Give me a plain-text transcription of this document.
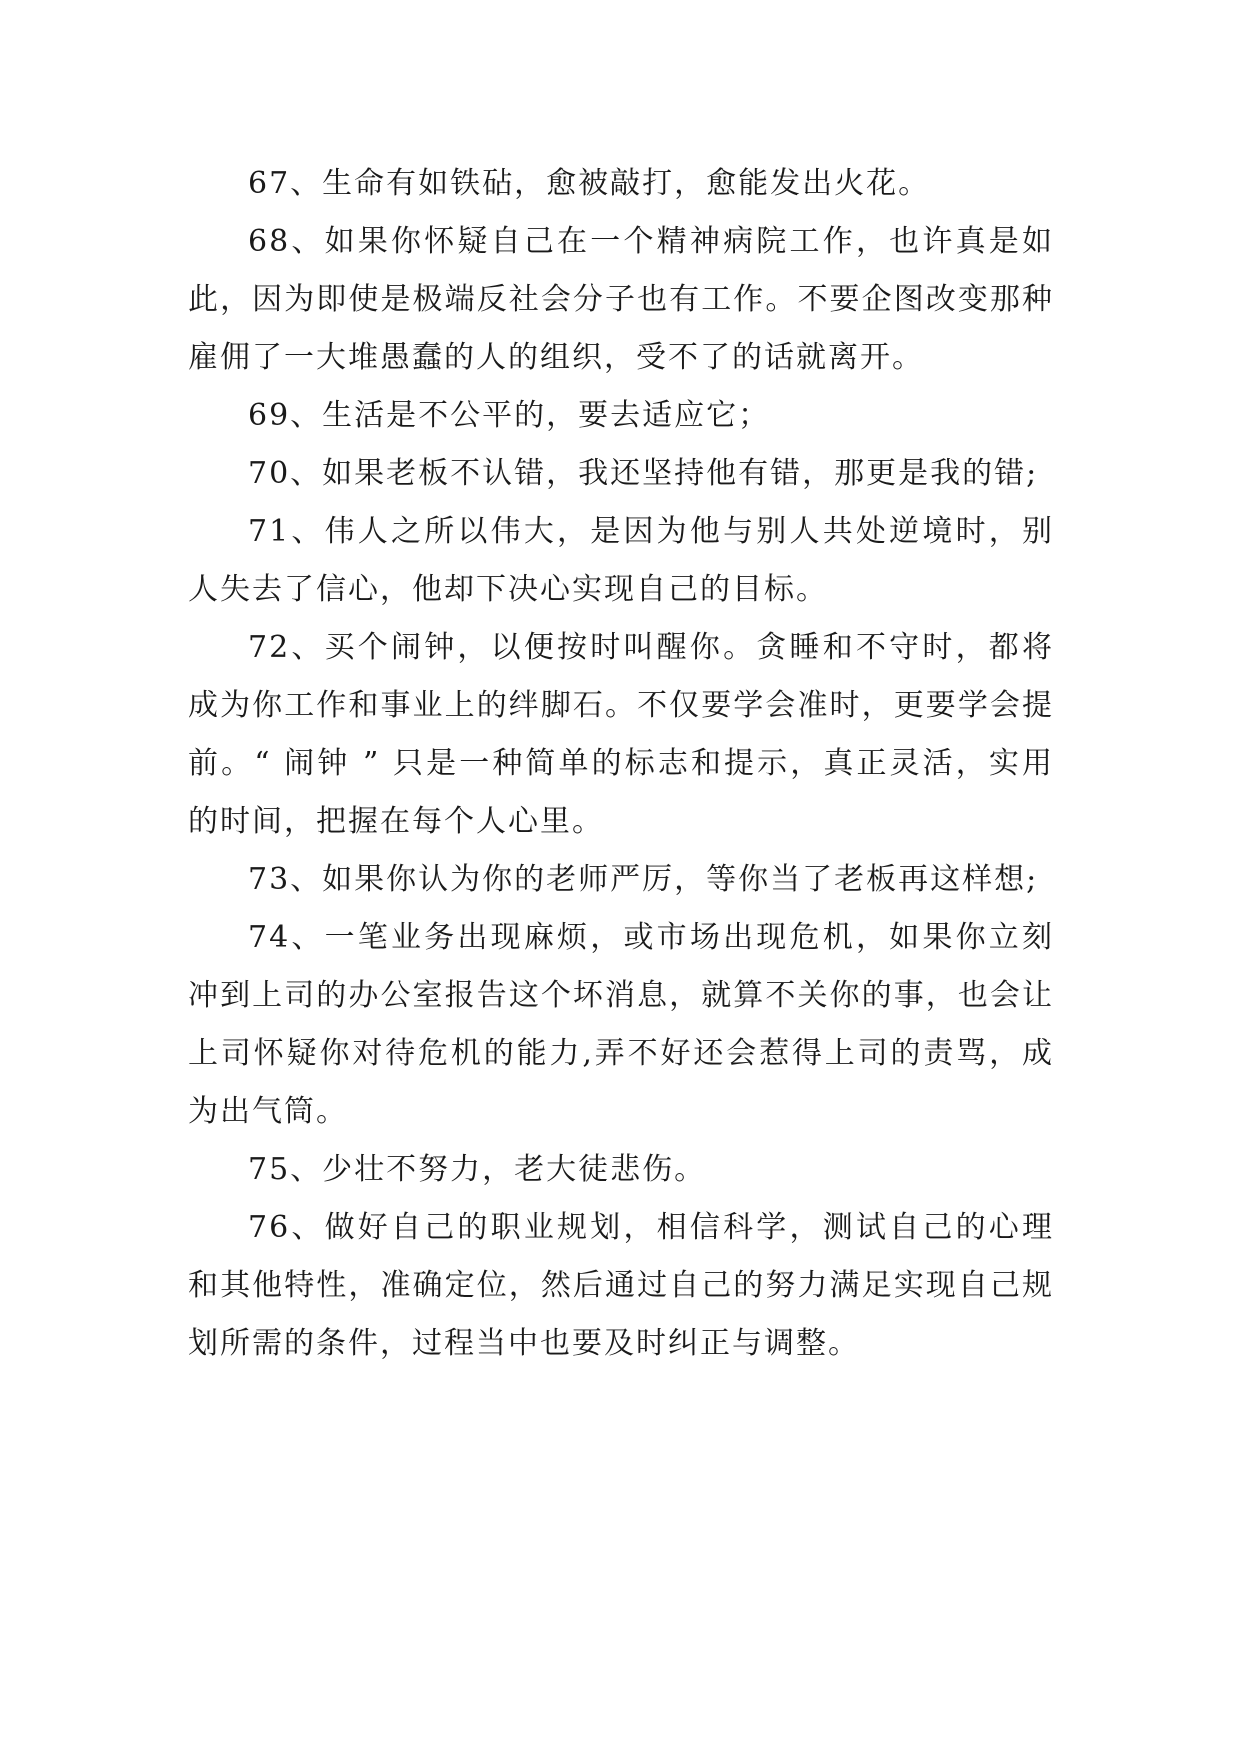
67、生命有如铁砧，愈被敲打，愈能发出火花。

68、如果你怀疑自己在一个精神病院工作，也许真是如此，因为即使是极端反社会分子也有工作。不要企图改变那种雇佣了一大堆愚蠢的人的组织，受不了的话就离开。

69、生活是不公平的，要去适应它；

70、如果老板不认错，我还坚持他有错，那更是我的错;

71、伟人之所以伟大，是因为他与别人共处逆境时，别人失去了信心，他却下决心实现自己的目标。

72、买个闹钟，以便按时叫醒你。贪睡和不守时，都将成为你工作和事业上的绊脚石。不仅要学会准时，更要学会提前。“ 闹钟 ” 只是一种简单的标志和提示，真正灵活，实用的时间，把握在每个人心里。

73、如果你认为你的老师严厉，等你当了老板再这样想;

74、一笔业务出现麻烦，或市场出现危机，如果你立刻冲到上司的办公室报告这个坏消息，就算不关你的事，也会让上司怀疑你对待危机的能力,弄不好还会惹得上司的责骂，成为出气筒。

75、少壮不努力，老大徒悲伤。

76、做好自己的职业规划，相信科学，测试自己的心理和其他特性，准确定位，然后通过自己的努力满足实现自己规划所需的条件，过程当中也要及时纠正与调整。
